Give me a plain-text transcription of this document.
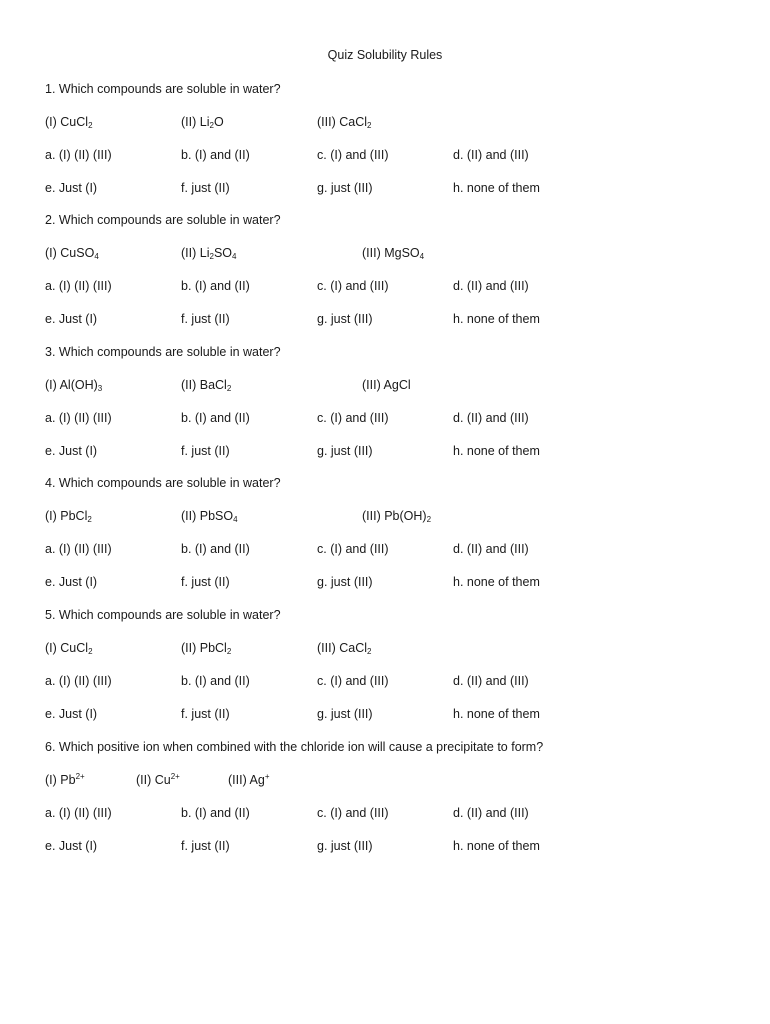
Quiz Solubility Rules
1. Which compounds are soluble in water?
(I) CuCl$_2$	(II) $Li_2O$	(III) CaCl$_2$
a. (I) (II) (III)	b. (I) and (II)	c. (I) and (III)	d. (II) and (III)
e. Just (I)	f. just (II)	g. just (III)	h. none of them
2. Which compounds are soluble in water?
(I) CuSO$_4$	(II) $Li_2SO_4$	(III) MgSO$_4$
a. (I) (II) (III)	b. (I) and (II)	c. (I) and (III)	d. (II) and (III)
e. Just (I)	f. just (II)	g. just (III)	h. none of them
3. Which compounds are soluble in water?
(I) $Al(OH)_3$	(II) BaCl$_2$	(III) AgCl
a. (I) (II) (III)	b. (I) and (II)	c. (I) and (III)	d. (II) and (III)
e. Just (I)	f. just (II)	g. just (III)	h. none of them
4. Which compounds are soluble in water?
(I) PbCl$_2$	(II) PbSO$_4$	(III) $Pb(OH)_2$
a. (I) (II) (III)	b. (I) and (II)	c. (I) and (III)	d. (II) and (III)
e. Just (I)	f. just (II)	g. just (III)	h. none of them
5. Which compounds are soluble in water?
(I) CuCl$_2$	(II) PbCl$_2$	(III) CaCl$_2$
a. (I) (II) (III)	b. (I) and (II)	c. (I) and (III)	d. (II) and (III)
e. Just (I)	f. just (II)	g. just (III)	h. none of them
6. Which positive ion when combined with the chloride ion will cause a precipitate to form?
(I) $Pb^{2+}$	(II) $Cu^{2+}$	(III) Ag+
a. (I) (II) (III)	b. (I) and (II)	c. (I) and (III)	d. (II) and (III)
e. Just (I)	f. just (II)	g. just (III)	h. none of them
